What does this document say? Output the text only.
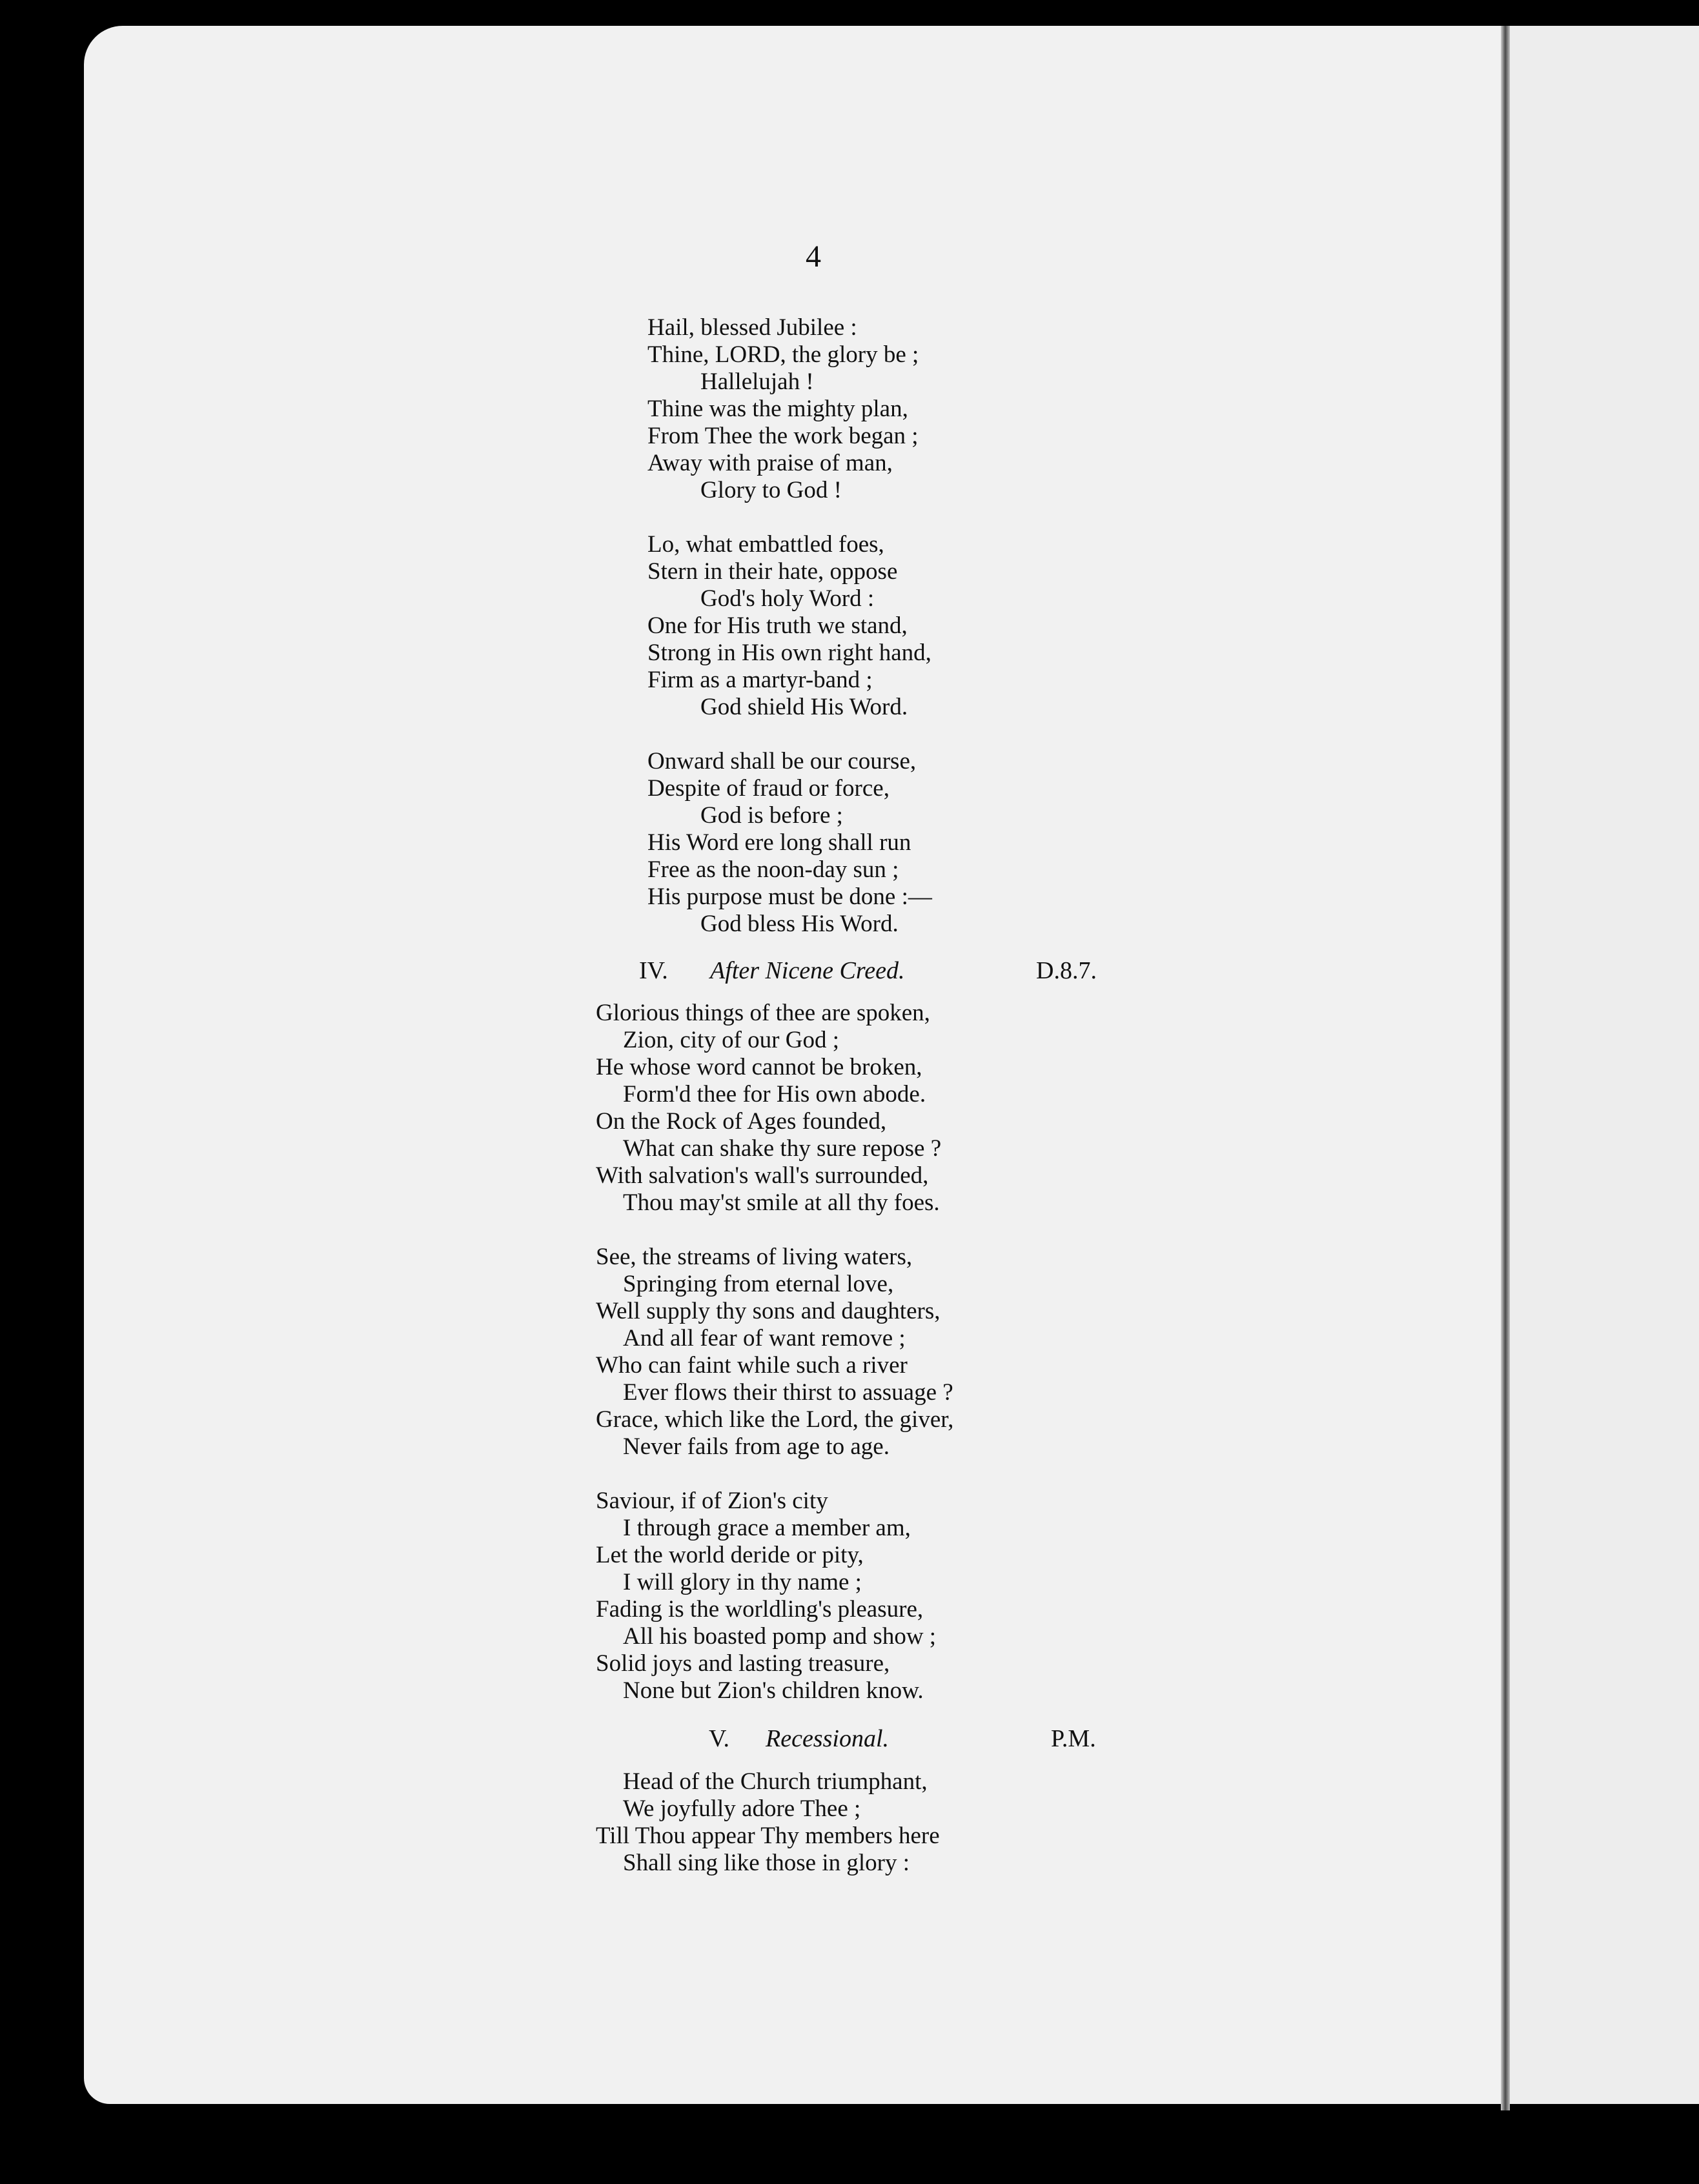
4
Hail, blessed Jubilee :
Thine, LORD, the glory be ;
Hallelujah !
Thine was the mighty plan,
From Thee the work began ;
Away with praise of man,
Glory to God !
Lo, what embattled foes,
Stern in their hate, oppose
God's holy Word :
One for His truth we stand,
Strong in His own right hand,
Firm as a martyr-band ;
God shield His Word.
Onward shall be our course,
Despite of fraud or force,
God is before ;
His Word ere long shall run
Free as the noon-day sun ;
His purpose must be done :—
God bless His Word.
IV. After Nicene Creed.	D.8.7.
Glorious things of thee are spoken,
Zion, city of our God ;
He whose word cannot be broken,
Form'd thee for His own abode.
On the Rock of Ages founded,
What can shake thy sure repose ?
With salvation's wall's surrounded,
Thou may'st smile at all thy foes.
See, the streams of living waters,
Springing from eternal love,
Well supply thy sons and daughters,
And all fear of want remove ;
Who can faint while such a river
Ever flows their thirst to assuage ?
Grace, which like the Lord, the giver,
Never fails from age to age.
Saviour, if of Zion's city
I through grace a member am,
Let the world deride or pity,
I will glory in thy name ;
Fading is the worldling's pleasure,
All his boasted pomp and show ;
Solid joys and lasting treasure,
None but Zion's children know.
V. Recessional.	P.M.
Head of the Church triumphant,
We joyfully adore Thee ;
Till Thou appear Thy members here
Shall sing like those in glory :
